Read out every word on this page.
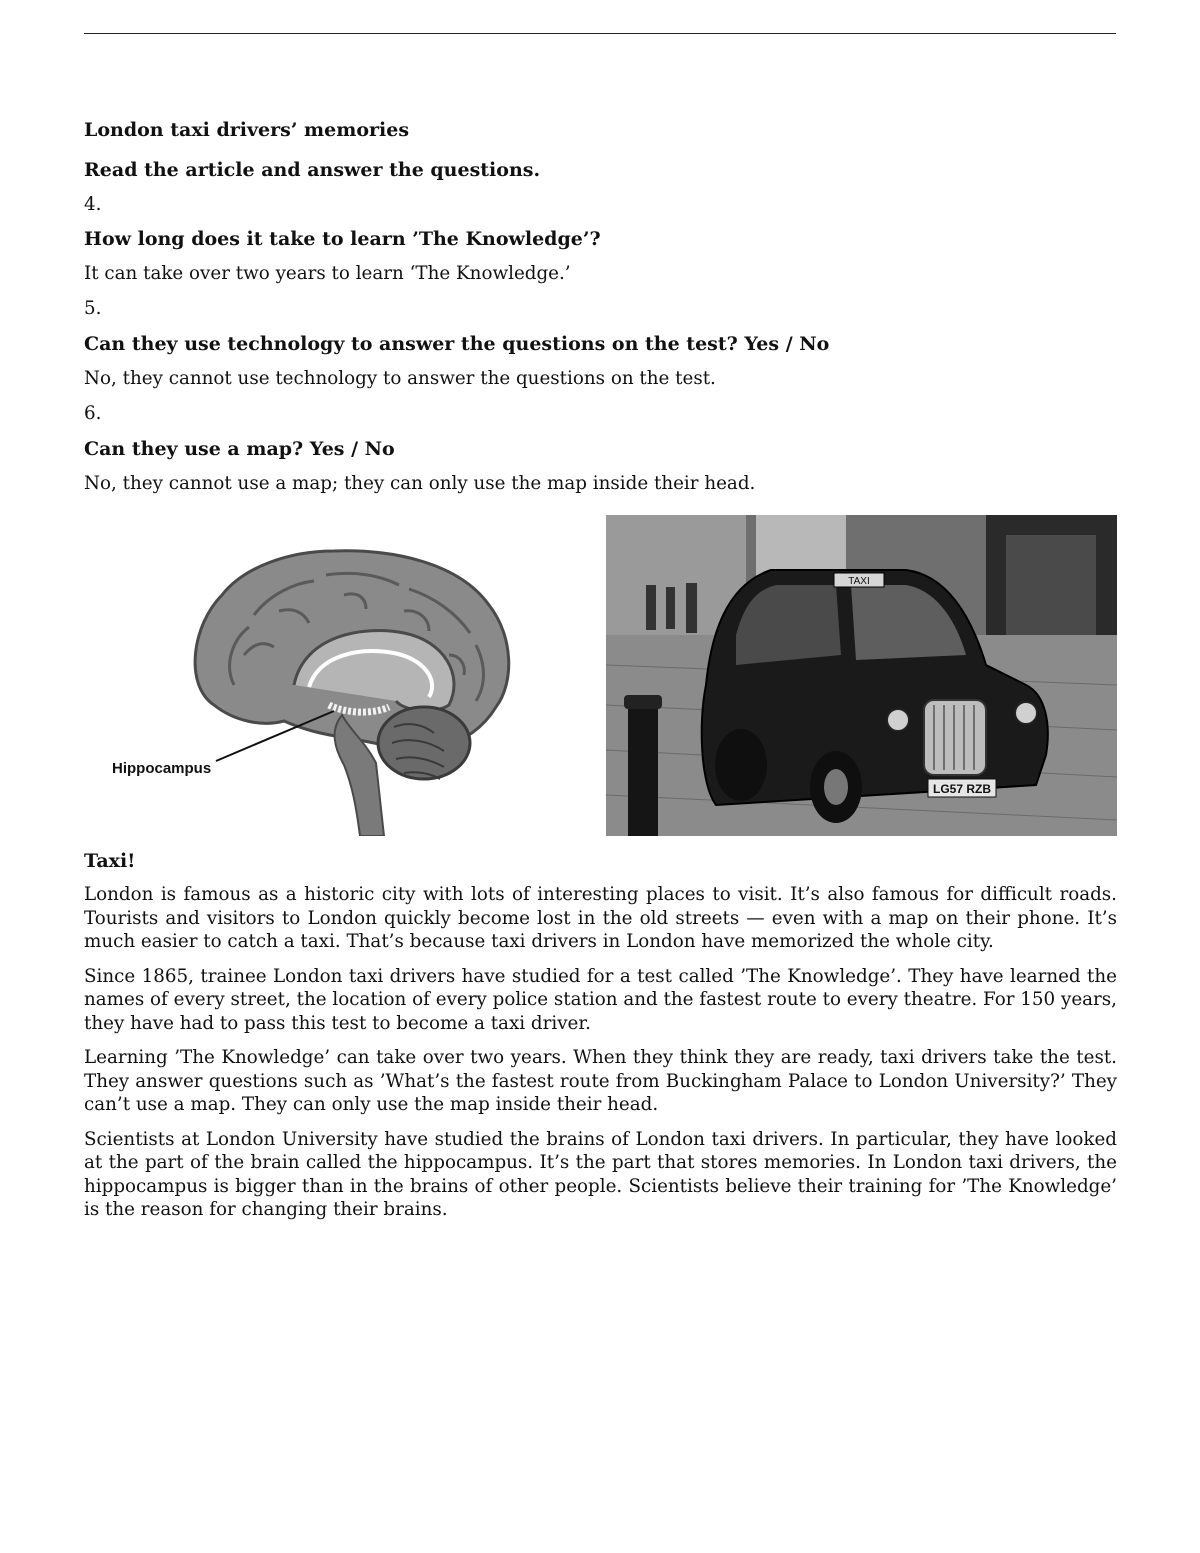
London taxi drivers’ memories

Read the article and answer the questions.

4.

How long does it take to learn ’The Knowledge’?

It can take over two years to learn ‘The Knowledge.’

5.

Can they use technology to answer the questions on the test? Yes / No

No, they cannot use technology to answer the questions on the test.

6.

Can they use a map? Yes / No

No, they cannot use a map; they can only use the map inside their head.

Hippocampus
TAXI
LG57 RZB

Taxi!

London is famous as a historic city with lots of interesting places to visit. It’s also famous for difficult roads. Tourists and visitors to London quickly become lost in the old streets — even with a map on their phone. It’s much easier to catch a taxi. That’s because taxi drivers in London have memorized the whole city.

Since 1865, trainee London taxi drivers have studied for a test called ’The Knowledge’. They have learned the names of every street, the location of every police station and the fastest route to every theatre. For 150 years, they have had to pass this test to become a taxi driver.

Learning ’The Knowledge’ can take over two years. When they think they are ready, taxi drivers take the test. They answer questions such as ’What’s the fastest route from Buckingham Palace to London University?’ They can’t use a map. They can only use the map inside their head.

Scientists at London University have studied the brains of London taxi drivers. In particular, they have looked at the part of the brain called the hippocampus. It’s the part that stores memories. In London taxi drivers, the hippocampus is bigger than in the brains of other people. Scientists believe their training for ’The Knowledge’ is the reason for changing their brains.
